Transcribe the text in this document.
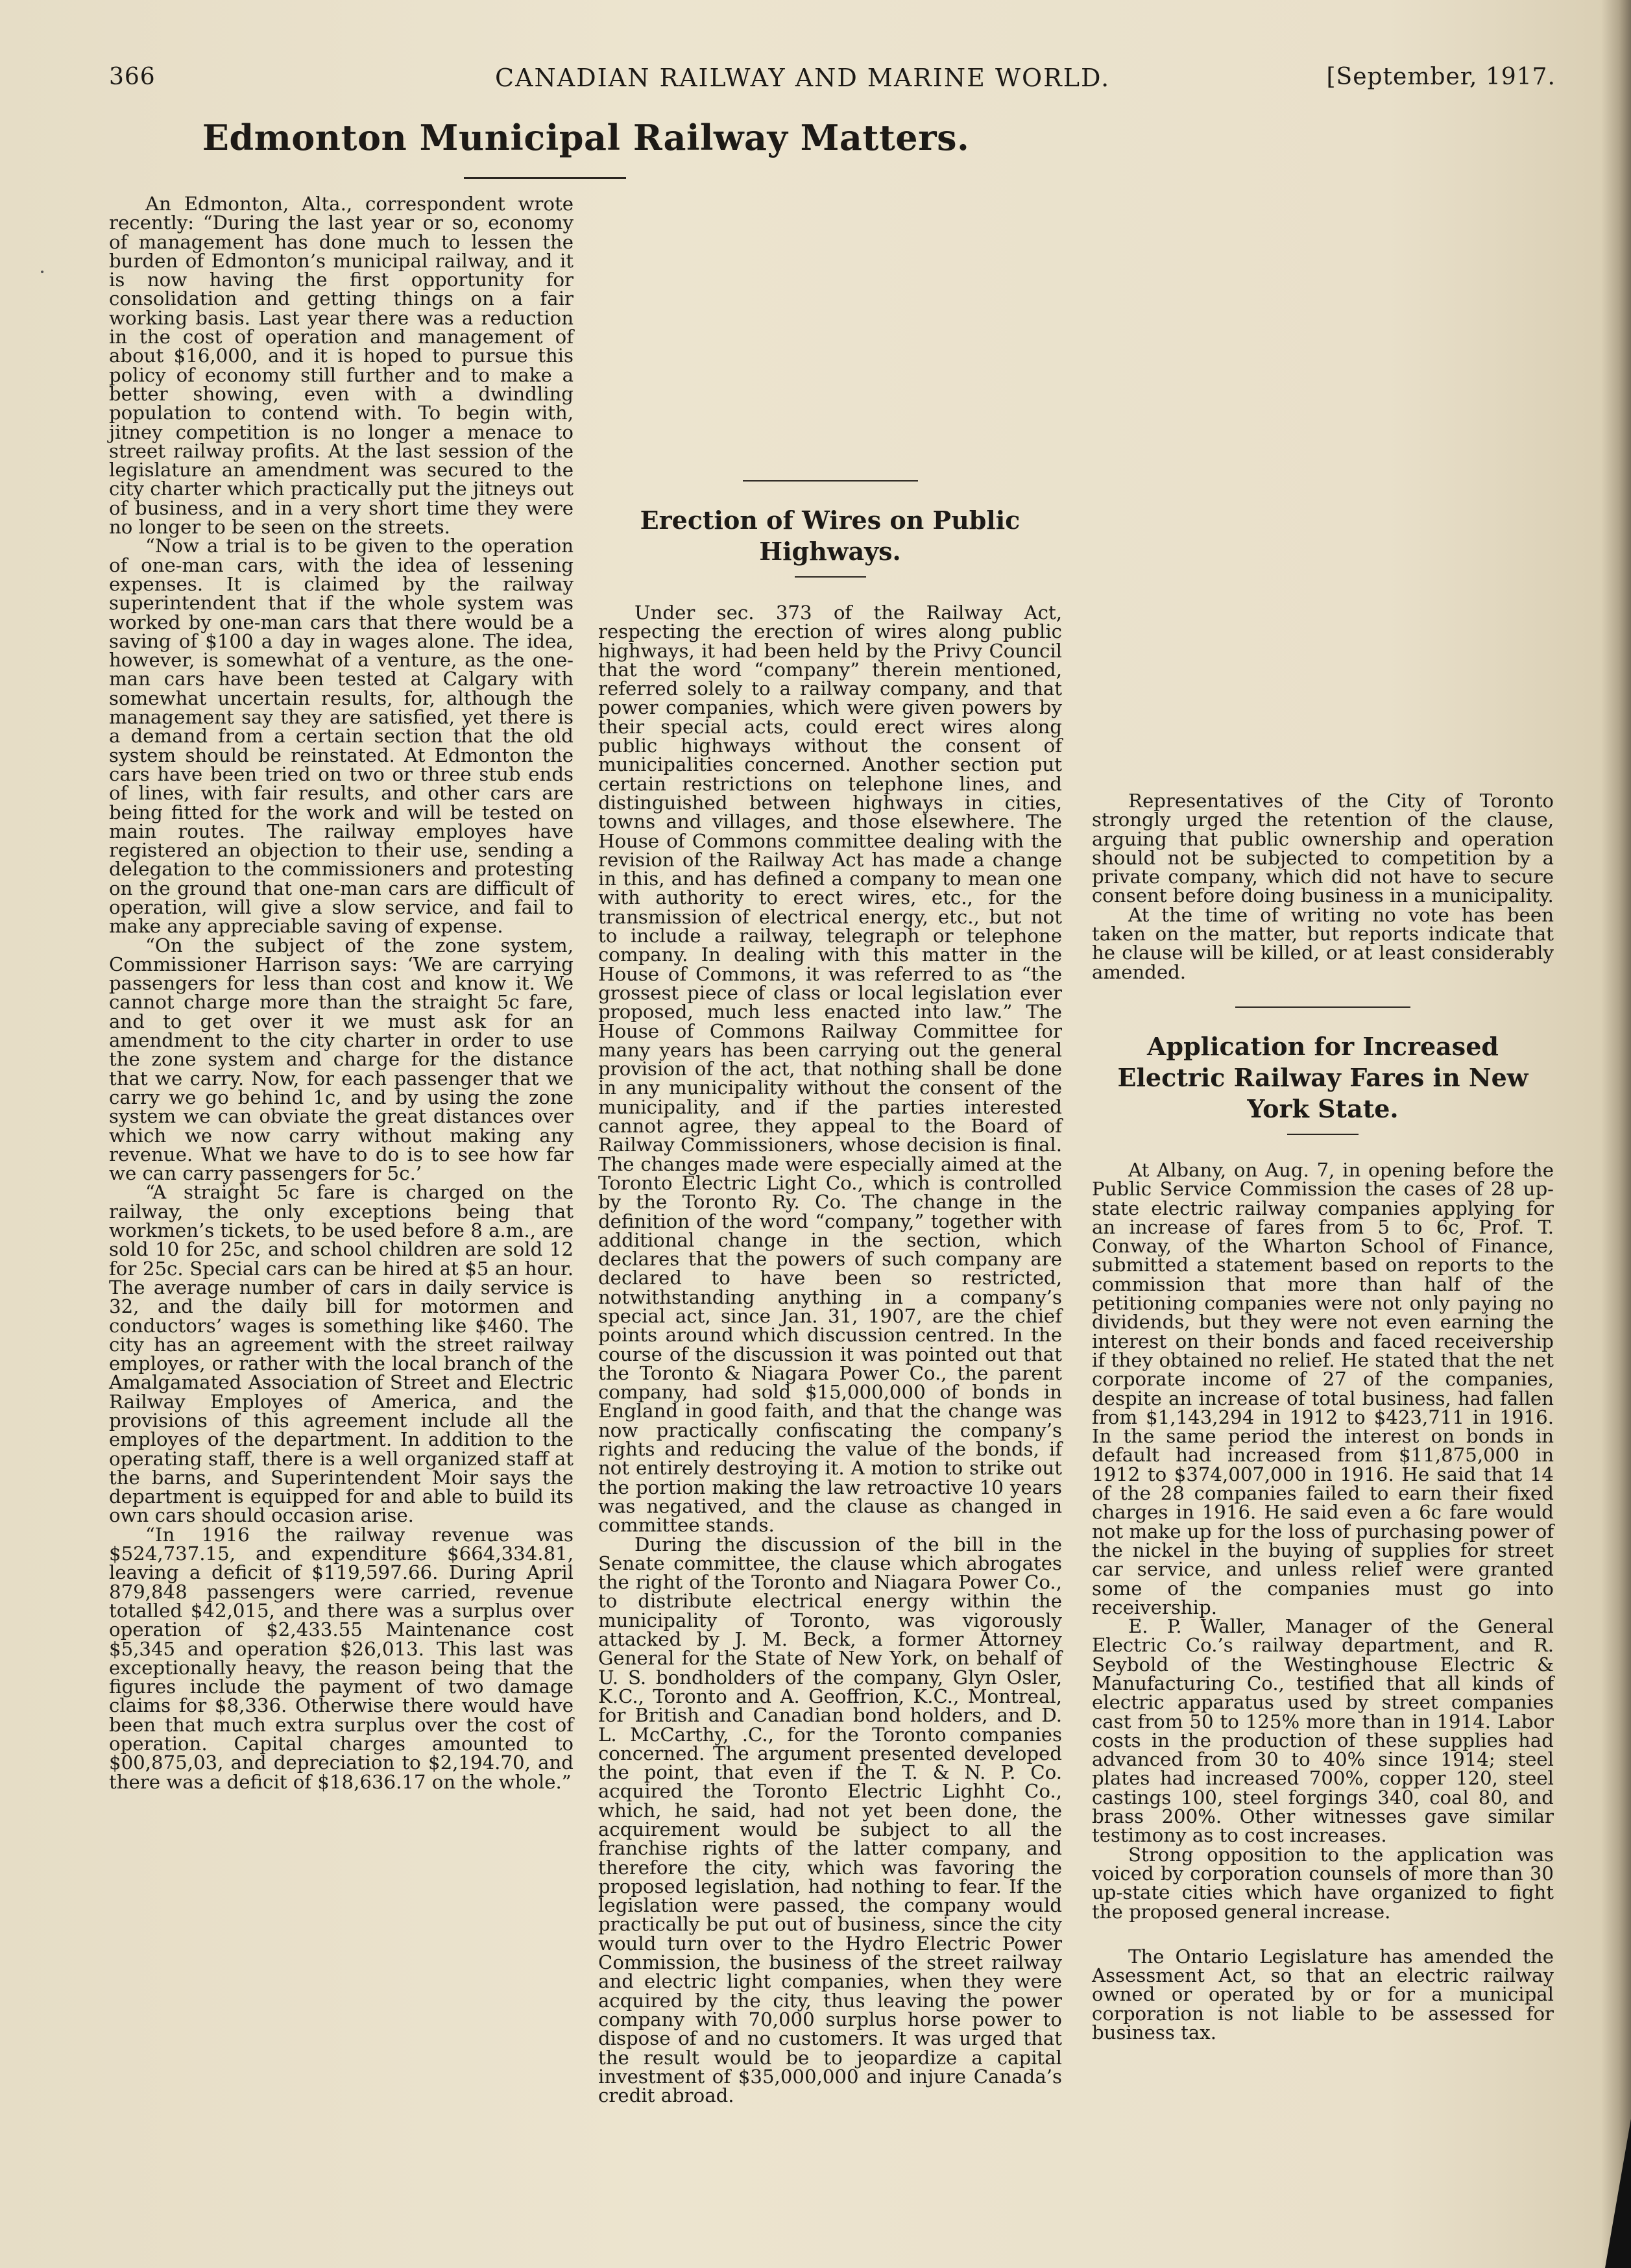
366	CANADIAN RAILWAY AND MARINE WORLD.	[September, 1917.
Edmonton Municipal Railway Matters.
·

An Edmonton, Alta., correspondent wrote recently: “During the last year or so, economy of management has done much to lessen the burden of Edmonton’s municipal railway, and it is now having the first opportunity for consolidation and getting things on a fair working basis. Last year there was a reduction in the cost of operation and management of about $16,000, and it is hoped to pursue this policy of economy still further and to make a better showing, even with a dwindling population to contend with. To begin with, jitney competition is no longer a menace to street railway profits. At the last session of the legislature an amendment was secured to the city charter which practically put the jitneys out of business, and in a very short time they were no longer to be seen on the streets.

“Now a trial is to be given to the operation of one-man cars, with the idea of lessening expenses. It is claimed by the railway superintendent that if the whole system was worked by one-man cars that there would be a saving of $100 a day in wages alone. The idea, however, is somewhat of a venture, as the one-man cars have been tested at Calgary with somewhat uncertain results, for, although the management say they are satisfied, yet there is a demand from a certain section that the old system should be reinstated. At Edmonton the cars have been tried on two or three stub ends of lines, with fair results, and other cars are being fitted for the work and will be tested on main routes. The railway employes have registered an objection to their use, sending a delegation to the commissioners and protesting on the ground that one-man cars are difficult of operation, will give a slow service, and fail to make any appreciable saving of expense.

“On the subject of the zone system, Commissioner Harrison says: ‘We are carrying passengers for less than cost and know it. We cannot charge more than the straight 5c fare, and to get over it we must ask for an amendment to the city charter in order to use the zone system and charge for the distance that we carry. Now, for each passenger that we carry we go behind 1c, and by using the zone system we can obviate the great distances over which we now carry without making any revenue. What we have to do is to see how far we can carry passengers for 5c.’

“A straight 5c fare is charged on the railway, the only exceptions being that workmen’s tickets, to be used before 8 a.m., are sold 10 for 25c, and school children are sold 12 for 25c. Special cars can be hired at $5 an hour. The average number of cars in daily service is 32, and the daily bill for motormen and conductors’ wages is something like $460. The city has an agreement with the street railway employes, or rather with the local branch of the Amalgamated Association of Street and Electric Railway Employes of America, and the provisions of this agreement include all the employes of the department. In addition to the operating staff, there is a well organized staff at the barns, and Superintendent Moir says the department is equipped for and able to build its own cars should occasion arise.

“In 1916 the railway revenue was $524,737.15, and expenditure $664,334.81, leaving a deficit of $119,597.66. During April 879,848 passengers were carried, revenue totalled $42,015, and there was a surplus over operation of $2,433.55 Maintenance cost $5,345 and operation $26,013. This last was exceptionally heavy, the reason being that the figures include the payment of two damage claims for $8,336. Otherwise there would have been that much extra surplus over the cost of operation. Capital charges amounted to $00,875,03, and depreciation to $2,194.70, and there was a deficit of $18,636.17 on the whole.”

Erection of Wires on Public Highways.

Under sec. 373 of the Railway Act, respecting the erection of wires along public highways, it had been held by the Privy Council that the word “company” therein mentioned, referred solely to a railway company, and that power companies, which were given powers by their special acts, could erect wires along public highways without the consent of municipalities concerned. Another section put certain restrictions on telephone lines, and distinguished between highways in cities, towns and villages, and those elsewhere. The House of Commons committee dealing with the revision of the Railway Act has made a change in this, and has defined a company to mean one with authority to erect wires, etc., for the transmission of electrical energy, etc., but not to include a railway, telegraph or telephone company. In dealing with this matter in the House of Commons, it was referred to as “the grossest piece of class or local legislation ever proposed, much less enacted into law.” The House of Commons Railway Committee for many years has been carrying out the general provision of the act, that nothing shall be done in any municipality without the consent of the municipality, and if the parties interested cannot agree, they appeal to the Board of Railway Commissioners, whose decision is final. The changes made were especially aimed at the Toronto Electric Light Co., which is controlled by the Toronto Ry. Co. The change in the definition of the word “company,” together with additional change in the section, which declares that the powers of such company are declared to have been so restricted, notwithstanding anything in a company’s special act, since Jan. 31, 1907, are the chief points around which discussion centred. In the course of the discussion it was pointed out that the Toronto & Niagara Power Co., the parent company, had sold $15,000,000 of bonds in England in good faith, and that the change was now practically confiscating the company’s rights and reducing the value of the bonds, if not entirely destroying it. A motion to strike out the portion making the law retroactive 10 years was negatived, and the clause as changed in committee stands.

During the discussion of the bill in the Senate committee, the clause which abrogates the right of the Toronto and Niagara Power Co., to distribute electrical energy within the municipality of Toronto, was vigorously attacked by J. M. Beck, a former Attorney General for the State of New York, on behalf of U. S. bondholders of the company, Glyn Osler, K.C., Toronto and A. Geoffrion, K.C., Montreal, for British and Canadian bond holders, and D. L. McCarthy, .C., for the Toronto companies concerned. The argument presented developed the point, that even if the T. & N. P. Co. acquired the Toronto Electric Lighht Co., which, he said, had not yet been done, the acquirement would be subject to all the franchise rights of the latter company, and therefore the city, which was favoring the proposed legislation, had nothing to fear. If the legislation were passed, the company would practically be put out of business, since the city would turn over to the Hydro Electric Power Commission, the business of the street railway and electric light companies, when they were acquired by the city, thus leaving the power company with 70,000 surplus horse power to dispose of and no customers. It was urged that the result would be to jeopardize a capital investment of $35,000,000 and injure Canada’s credit abroad.

Representatives of the City of Toronto strongly urged the retention of the clause, arguing that public ownership and operation should not be subjected to competition by a private company, which did not have to secure consent before doing business in a municipality.

At the time of writing no vote has been taken on the matter, but reports indicate that he clause will be killed, or at least considerably amended.

Application for Increased Electric Railway Fares in New York State.

At Albany, on Aug. 7, in opening before the Public Service Commission the cases of 28 up-state electric railway companies applying for an increase of fares from 5 to 6c, Prof. T. Conway, of the Wharton School of Finance, submitted a statement based on reports to the commission that more than half of the petitioning companies were not only paying no dividends, but they were not even earning the interest on their bonds and faced receivership if they obtained no relief. He stated that the net corporate income of 27 of the companies, despite an increase of total business, had fallen from $1,143,294 in 1912 to $423,711 in 1916. In the same period the interest on bonds in default had increased from $11,875,000 in 1912 to $374,007,000 in 1916. He said that 14 of the 28 companies failed to earn their fixed charges in 1916. He said even a 6c fare would not make up for the loss of purchasing power of the nickel in the buying of supplies for street car service, and unless relief were granted some of the companies must go into receivership.

E. P. Waller, Manager of the General Electric Co.’s railway department, and R. Seybold of the Westinghouse Electric & Manufacturing Co., testified that all kinds of electric apparatus used by street companies cast from 50 to 125% more than in 1914. Labor costs in the production of these supplies had advanced from 30 to 40% since 1914; steel plates had increased 700%, copper 120, steel castings 100, steel forgings 340, coal 80, and brass 200%. Other witnesses gave similar testimony as to cost increases.

Strong opposition to the application was voiced by corporation counsels of more than 30 up-state cities which have organized to fight the proposed general increase.

The Ontario Legislature has amended the Assessment Act, so that an electric railway owned or operated by or for a municipal corporation is not liable to be assessed for business tax.
